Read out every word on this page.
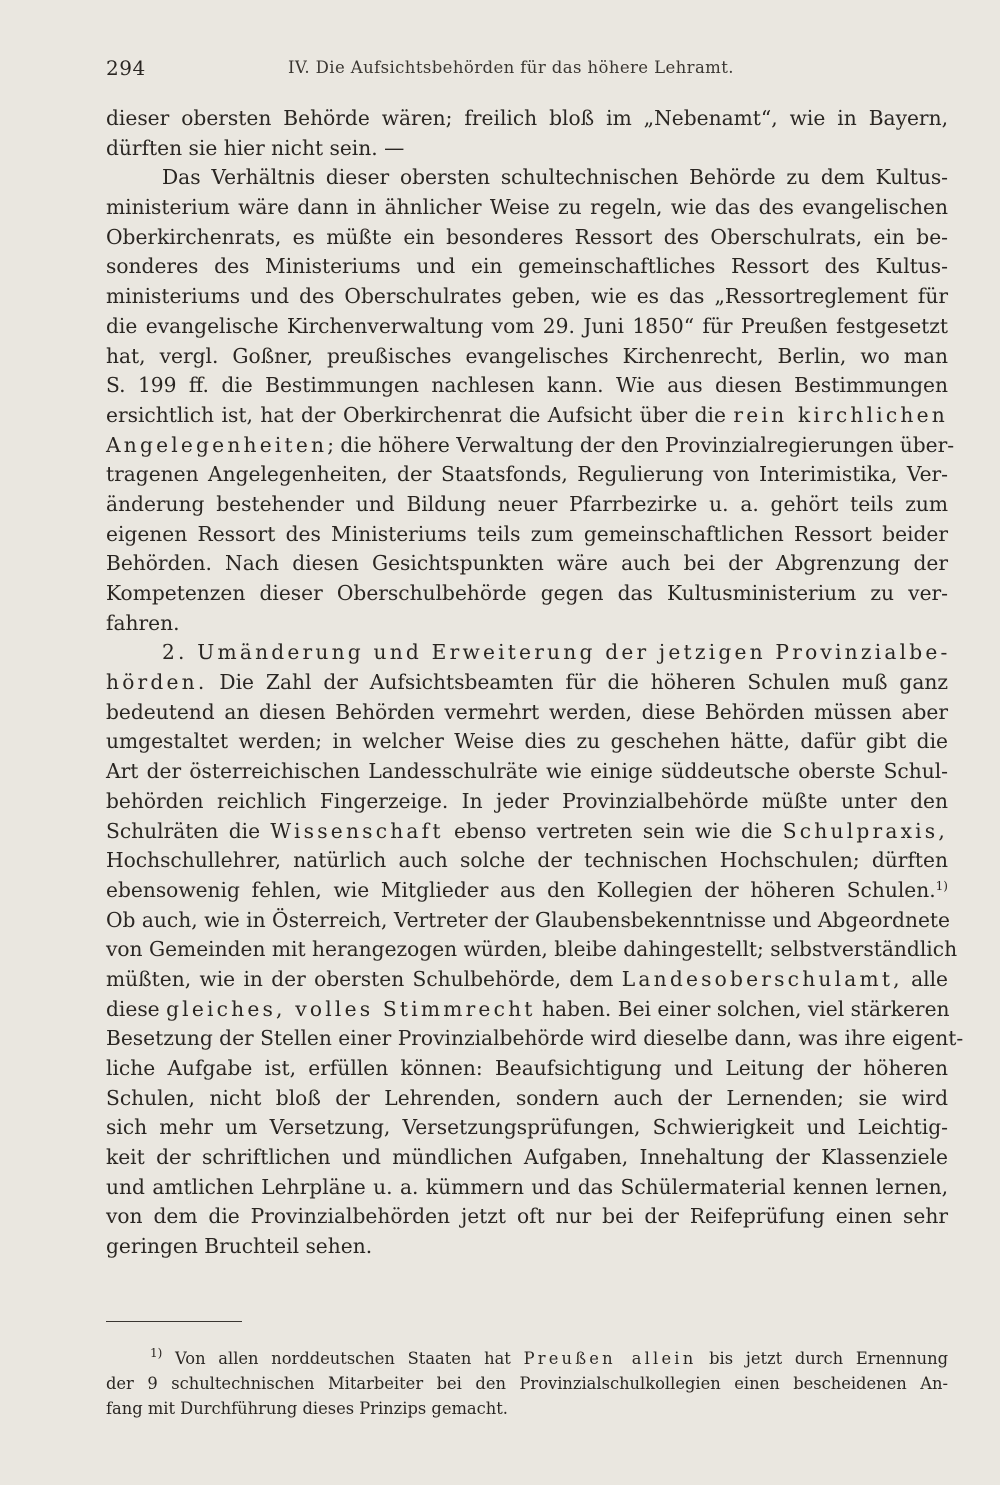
294	IV. Die Aufsichtsbehörden für das höhere Lehramt.
dieser obersten Behörde wären; freilich bloß im „Nebenamt“, wie in Bayern,
dürften sie hier nicht sein. —
Das Verhältnis dieser obersten schultechnischen Behörde zu dem Kultus-
ministerium wäre dann in ähnlicher Weise zu regeln, wie das des evangelischen
Oberkirchenrats, es müßte ein besonderes Ressort des Oberschulrats, ein be-
sonderes des Ministeriums und ein gemeinschaftliches Ressort des Kultus-
ministeriums und des Oberschulrates geben, wie es das „Ressortreglement für
die evangelische Kirchenverwaltung vom 29. Juni 1850“ für Preußen festgesetzt
hat, vergl. Goßner, preußisches evangelisches Kirchenrecht, Berlin, wo man
S. 199 ff. die Bestimmungen nachlesen kann. Wie aus diesen Bestimmungen
ersichtlich ist, hat der Oberkirchenrat die Aufsicht über die rein kirchlichen
Angelegenheiten; die höhere Verwaltung der den Provinzialregierungen über-
tragenen Angelegenheiten, der Staatsfonds, Regulierung von Interimistika, Ver-
änderung bestehender und Bildung neuer Pfarrbezirke u. a. gehört teils zum
eigenen Ressort des Ministeriums teils zum gemeinschaftlichen Ressort beider
Behörden. Nach diesen Gesichtspunkten wäre auch bei der Abgrenzung der
Kompetenzen dieser Oberschulbehörde gegen das Kultusministerium zu ver-
fahren.
2. Umänderung und Erweiterung der jetzigen Provinzialbe-
hörden. Die Zahl der Aufsichtsbeamten für die höheren Schulen muß ganz
bedeutend an diesen Behörden vermehrt werden, diese Behörden müssen aber
umgestaltet werden; in welcher Weise dies zu geschehen hätte, dafür gibt die
Art der österreichischen Landesschulräte wie einige süddeutsche oberste Schul-
behörden reichlich Fingerzeige. In jeder Provinzialbehörde müßte unter den
Schulräten die Wissenschaft ebenso vertreten sein wie die Schulpraxis,
Hochschullehrer, natürlich auch solche der technischen Hochschulen; dürften
ebensowenig fehlen, wie Mitglieder aus den Kollegien der höheren Schulen.$^{1)}$
Ob auch, wie in Österreich, Vertreter der Glaubensbekenntnisse und Abgeordnete
von Gemeinden mit herangezogen würden, bleibe dahingestellt; selbstverständlich
müßten, wie in der obersten Schulbehörde, dem Landesoberschulamt, alle
diese gleiches, volles Stimmrecht haben. Bei einer solchen, viel stärkeren
Besetzung der Stellen einer Provinzialbehörde wird dieselbe dann, was ihre eigent-
liche Aufgabe ist, erfüllen können: Beaufsichtigung und Leitung der höheren
Schulen, nicht bloß der Lehrenden, sondern auch der Lernenden; sie wird
sich mehr um Versetzung, Versetzungsprüfungen, Schwierigkeit und Leichtig-
keit der schriftlichen und mündlichen Aufgaben, Innehaltung der Klassenziele
und amtlichen Lehrpläne u. a. kümmern und das Schülermaterial kennen lernen,
von dem die Provinzialbehörden jetzt oft nur bei der Reifeprüfung einen sehr
geringen Bruchteil sehen.
$^{1)}$ Von allen norddeutschen Staaten hat Preußen allein bis jetzt durch Ernennung
der 9 schultechnischen Mitarbeiter bei den Provinzialschulkollegien einen bescheidenen An-
fang mit Durchführung dieses Prinzips gemacht.
